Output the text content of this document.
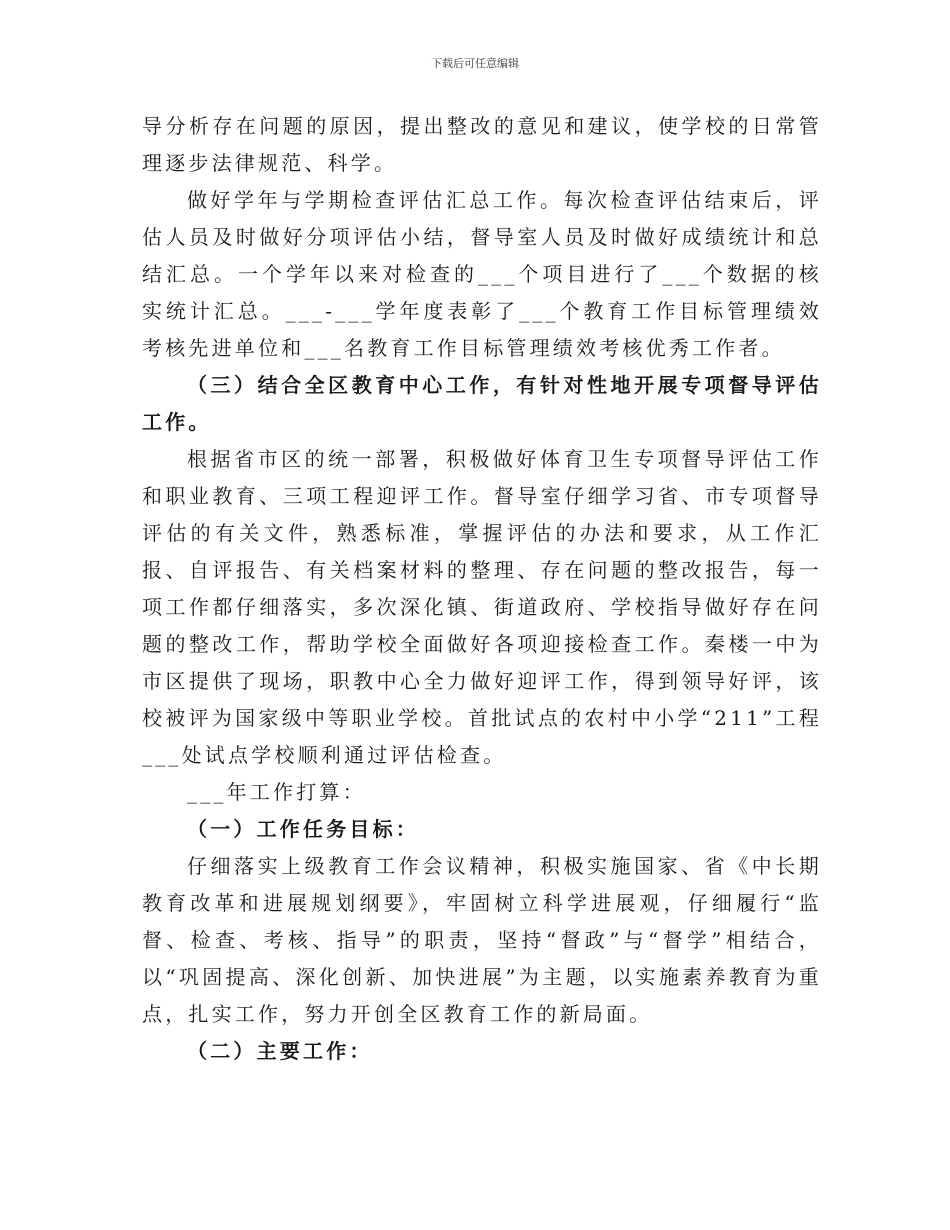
下载后可任意编辑

导分析存在问题的原因，提出整改的意见和建议，使学校的日常管理逐步法律规范、科学。

做好学年与学期检查评估汇总工作。每次检查评估结束后，评估人员及时做好分项评估小结，督导室人员及时做好成绩统计和总结汇总。一个学年以来对检查的___个项目进行了___个数据的核实统计汇总。___-___学年度表彰了___个教育工作目标管理绩效考核先进单位和___名教育工作目标管理绩效考核优秀工作者。

（三）结合全区教育中心工作，有针对性地开展专项督导评估工作。

根据省市区的统一部署，积极做好体育卫生专项督导评估工作和职业教育、三项工程迎评工作。督导室仔细学习省、市专项督导评估的有关文件，熟悉标准，掌握评估的办法和要求，从工作汇报、自评报告、有关档案材料的整理、存在问题的整改报告，每一项工作都仔细落实，多次深化镇、街道政府、学校指导做好存在问题的整改工作，帮助学校全面做好各项迎接检查工作。秦楼一中为市区提供了现场，职教中心全力做好迎评工作，得到领导好评，该校被评为国家级中等职业学校。首批试点的农村中小学“211”工程___处试点学校顺利通过评估检查。

___年工作打算：

（一）工作任务目标：

仔细落实上级教育工作会议精神，积极实施国家、省《中长期教育改革和进展规划纲要》，牢固树立科学进展观，仔细履行“监督、检查、考核、指导”的职责，坚持“督政”与“督学”相结合，以“巩固提高、深化创新、加快进展”为主题，以实施素养教育为重点，扎实工作，努力开创全区教育工作的新局面。

（二）主要工作：
